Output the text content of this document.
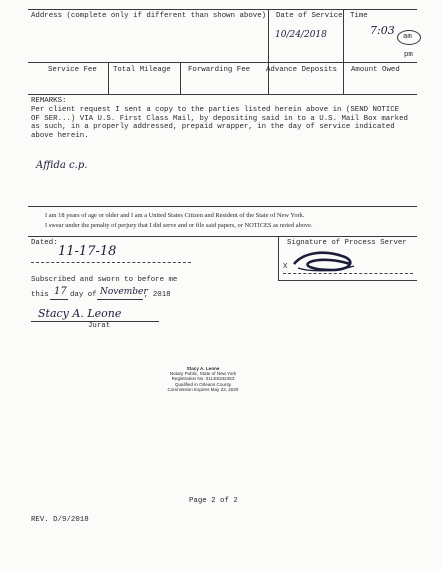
Address (complete only if different than shown above) Date of Service
10/24/2018
Time
7:03 am
pm
Service Fee Total Mileage Forwarding Fee Advance Deposits Amount Owed
REMARKS:
Per client request I sent a copy to the parties listed herein above in (SEND NOTICE OF SER...) VIA U.S. First Class Mail, by depositing said in to a U.S. Mail Box marked as such, in a properly addressed, prepaid wrapper, in the day of service indicated above herein.
Affida c.p.
I am 18 years of age or older and I am a United States Citizen and Resident of the State of New York.
I swear under the penalty of perjury that I did serve and or file said papers, or NOTICES as noted above.
Dated:
11-17-18
Signature of Process Server
X
Subscribed and sworn to before me
this 17 day of November
, 2018
Stacy A. Leone
Jurat
Stacy A. Leone
Notary Public, State of New York
Registration No. 01LE6342453
Qualified in Orleans County
Commission Expires May 23, 2020
Page 2 of 2
REV. D/9/2018
